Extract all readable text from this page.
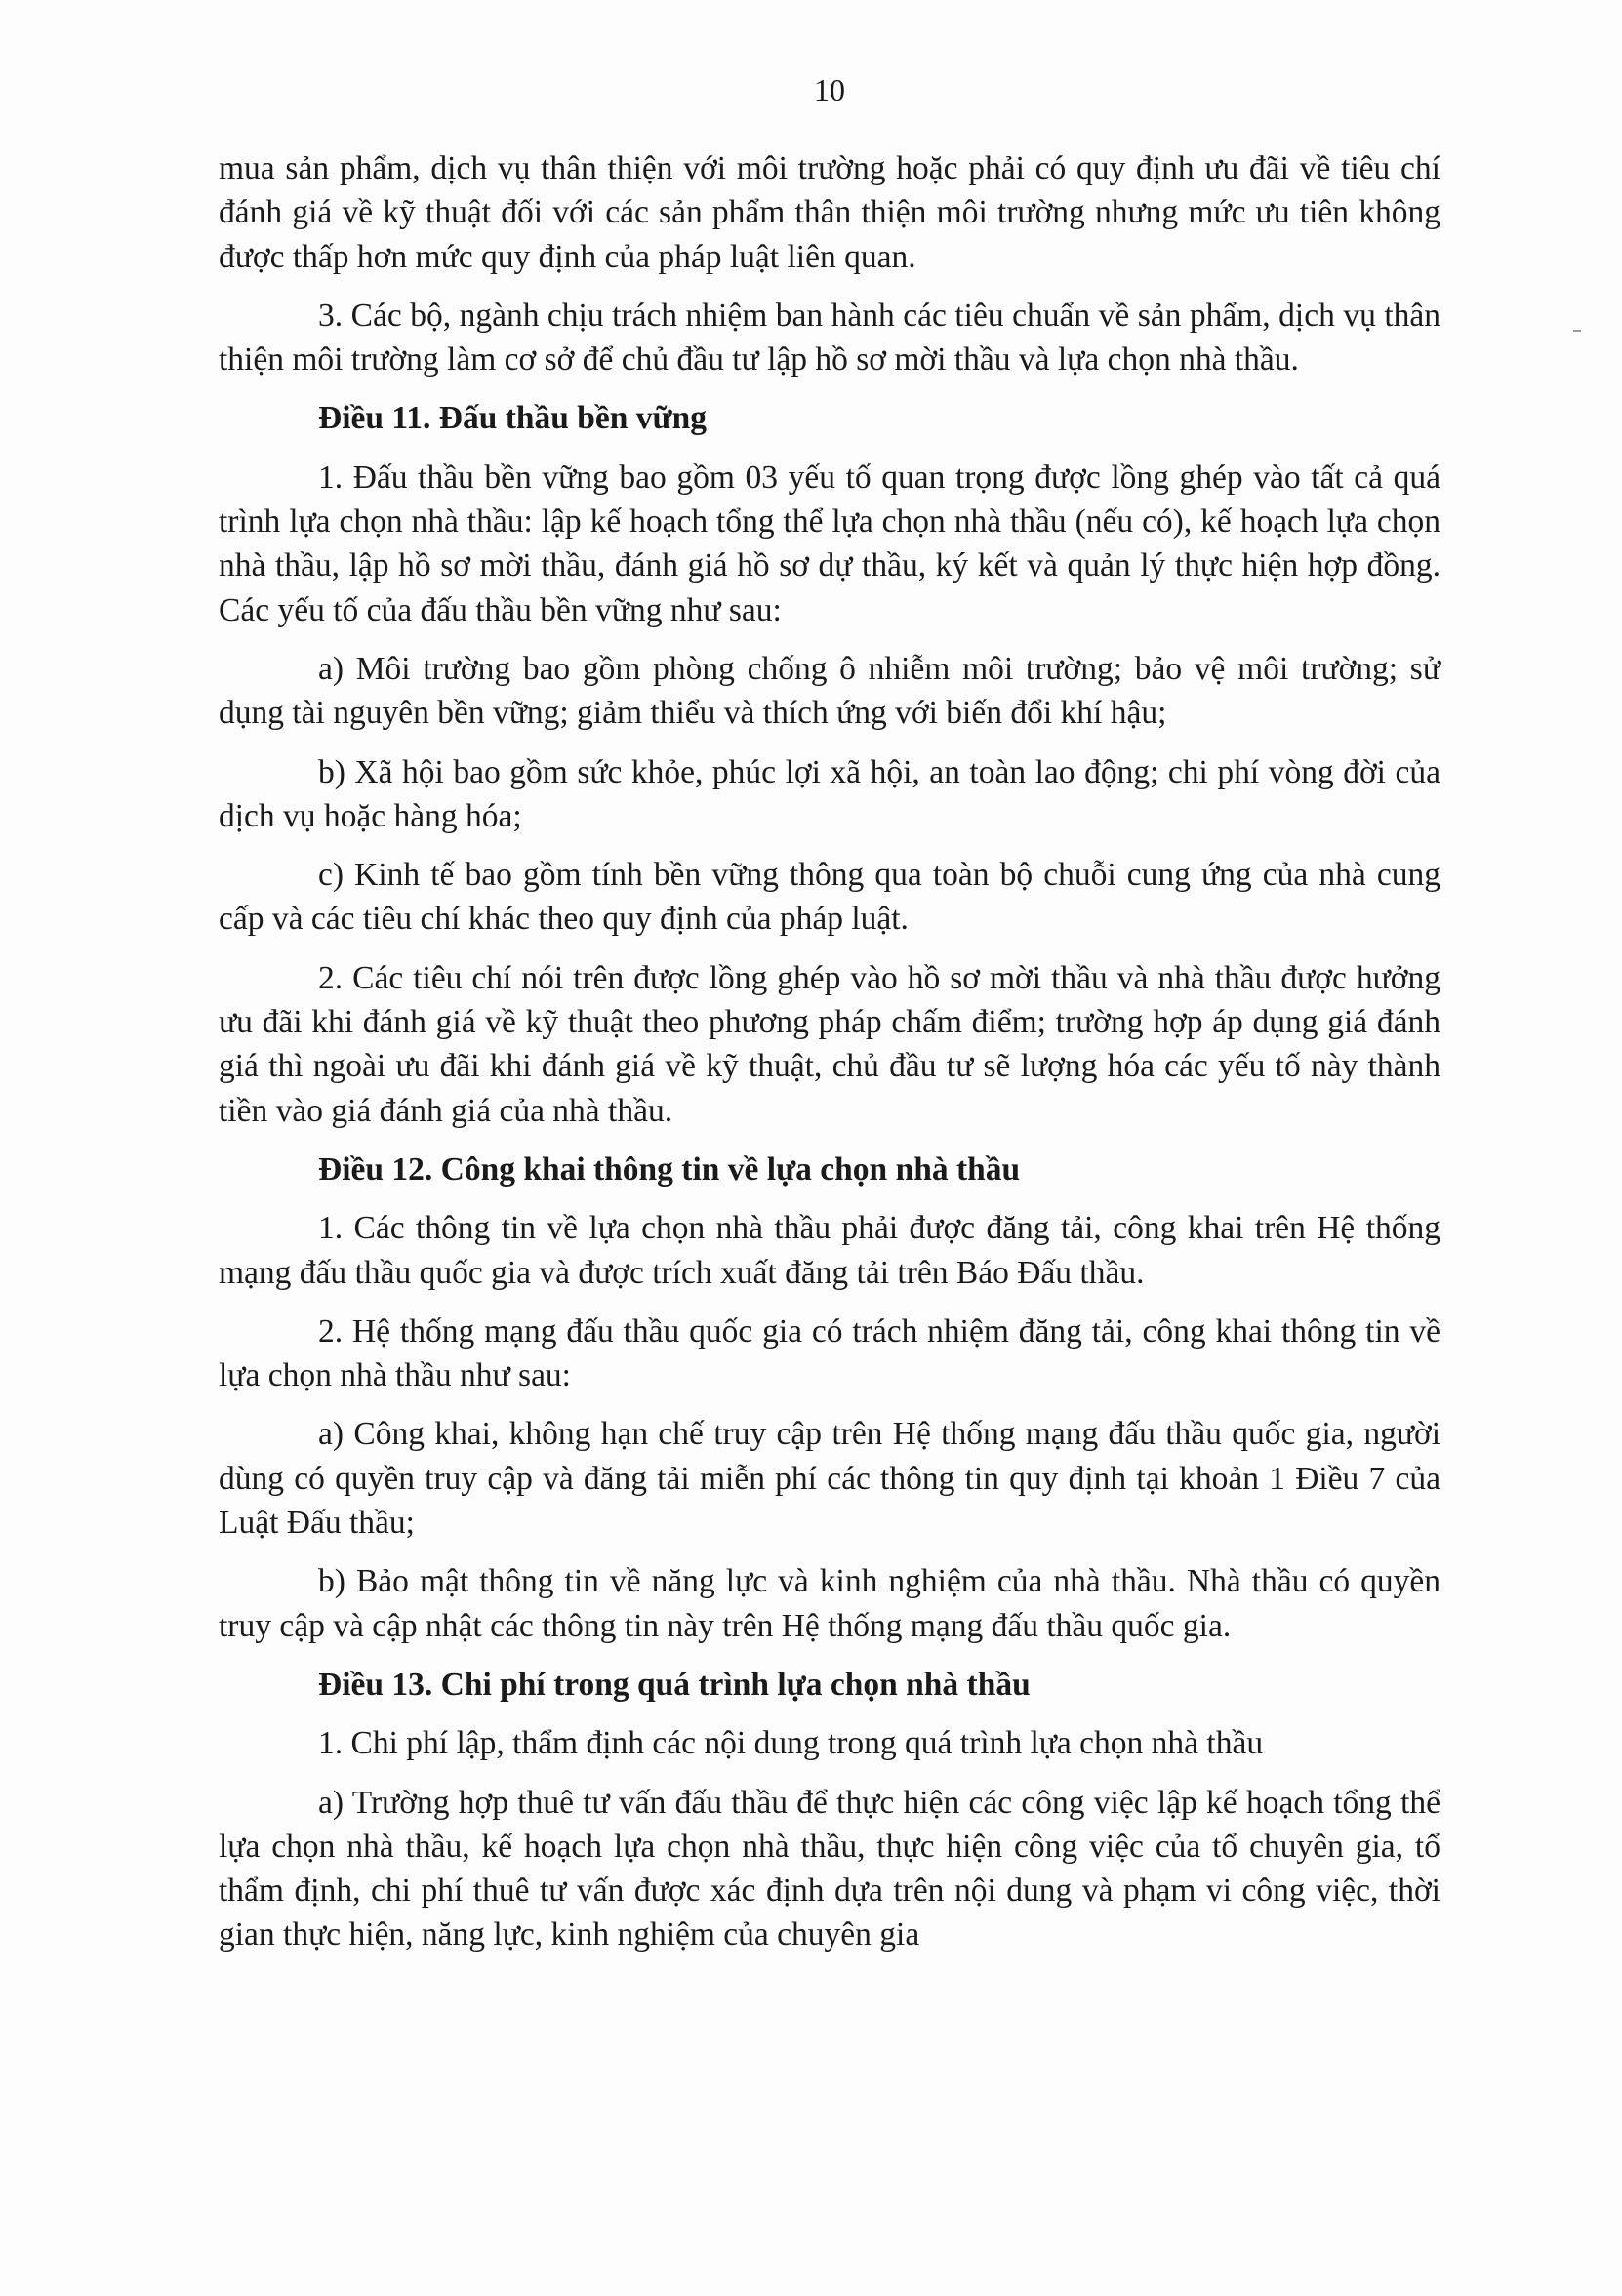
10

mua sản phẩm, dịch vụ thân thiện với môi trường hoặc phải có quy định ưu đãi về tiêu chí đánh giá về kỹ thuật đối với các sản phẩm thân thiện môi trường nhưng mức ưu tiên không được thấp hơn mức quy định của pháp luật liên quan.

3. Các bộ, ngành chịu trách nhiệm ban hành các tiêu chuẩn về sản phẩm, dịch vụ thân thiện môi trường làm cơ sở để chủ đầu tư lập hồ sơ mời thầu và lựa chọn nhà thầu.

Điều 11. Đấu thầu bền vững

1. Đấu thầu bền vững bao gồm 03 yếu tố quan trọng được lồng ghép vào tất cả quá trình lựa chọn nhà thầu: lập kế hoạch tổng thể lựa chọn nhà thầu (nếu có), kế hoạch lựa chọn nhà thầu, lập hồ sơ mời thầu, đánh giá hồ sơ dự thầu, ký kết và quản lý thực hiện hợp đồng. Các yếu tố của đấu thầu bền vững như sau:

a) Môi trường bao gồm phòng chống ô nhiễm môi trường; bảo vệ môi trường; sử dụng tài nguyên bền vững; giảm thiểu và thích ứng với biến đổi khí hậu;

b) Xã hội bao gồm sức khỏe, phúc lợi xã hội, an toàn lao động; chi phí vòng đời của dịch vụ hoặc hàng hóa;

c) Kinh tế bao gồm tính bền vững thông qua toàn bộ chuỗi cung ứng của nhà cung cấp và các tiêu chí khác theo quy định của pháp luật.

2. Các tiêu chí nói trên được lồng ghép vào hồ sơ mời thầu và nhà thầu được hưởng ưu đãi khi đánh giá về kỹ thuật theo phương pháp chấm điểm; trường hợp áp dụng giá đánh giá thì ngoài ưu đãi khi đánh giá về kỹ thuật, chủ đầu tư sẽ lượng hóa các yếu tố này thành tiền vào giá đánh giá của nhà thầu.

Điều 12. Công khai thông tin về lựa chọn nhà thầu

1. Các thông tin về lựa chọn nhà thầu phải được đăng tải, công khai trên Hệ thống mạng đấu thầu quốc gia và được trích xuất đăng tải trên Báo Đấu thầu.

2. Hệ thống mạng đấu thầu quốc gia có trách nhiệm đăng tải, công khai thông tin về lựa chọn nhà thầu như sau:

a) Công khai, không hạn chế truy cập trên Hệ thống mạng đấu thầu quốc gia, người dùng có quyền truy cập và đăng tải miễn phí các thông tin quy định tại khoản 1 Điều 7 của Luật Đấu thầu;

b) Bảo mật thông tin về năng lực và kinh nghiệm của nhà thầu. Nhà thầu có quyền truy cập và cập nhật các thông tin này trên Hệ thống mạng đấu thầu quốc gia.

Điều 13. Chi phí trong quá trình lựa chọn nhà thầu

1. Chi phí lập, thẩm định các nội dung trong quá trình lựa chọn nhà thầu

a) Trường hợp thuê tư vấn đấu thầu để thực hiện các công việc lập kế hoạch tổng thể lựa chọn nhà thầu, kế hoạch lựa chọn nhà thầu, thực hiện công việc của tổ chuyên gia, tổ thẩm định, chi phí thuê tư vấn được xác định dựa trên nội dung và phạm vi công việc, thời gian thực hiện, năng lực, kinh nghiệm của chuyên gia
